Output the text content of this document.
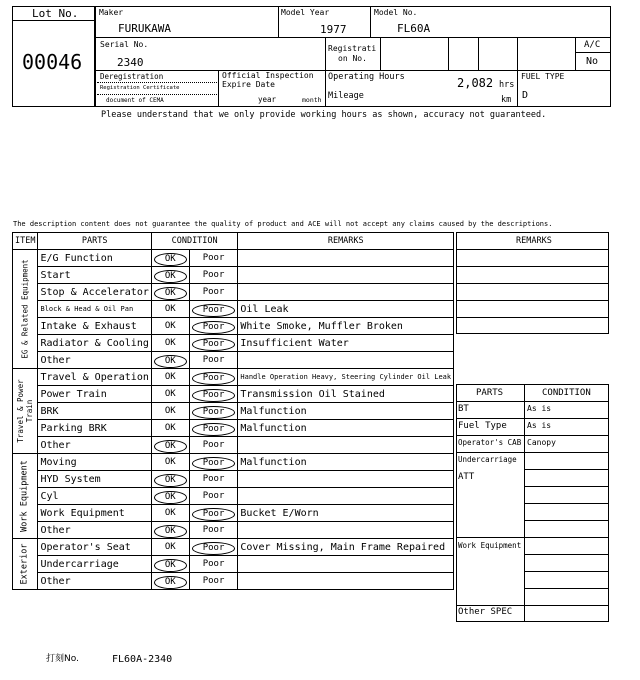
Lot No.
00046
Maker
FURUKAWA
Model Year
1977
Model No.
FL60A
Serial No.
2340
Registrati
on No.
A/C
No
Deregistration
Registration Certificate
document of CEMA
Official Inspection
Expire Date
year	month
Operating Hours	2,082 hrs
Mileage	km
FUEL TYPE
D
Please understand that we only provide working hours as shown, accuracy not guaranteed.
The description content does not guarantee the quality of product and ACE will not accept any claims caused by the descriptions.
ITEM	PARTS	CONDITION		REMARKS

EG & Related Equipment	E/G Function	OK	Poor	
	Start	OK	Poor	
	Stop & Accelerator	OK	Poor	
	Block & Head & Oil Pan	OK	Poor	Oil Leak
	Intake & Exhaust	OK	Poor	White Smoke, Muffler Broken
	Radiator & Cooling	OK	Poor	Insufficient Water
	Other	OK	Poor	

Travel & Power Train	Travel & Operation	OK	Poor	Handle Operation Heavy, Steering Cylinder Oil Leak
	Power Train	OK	Poor	Transmission Oil Stained
	BRK	OK	Poor	Malfunction
	Parking BRK	OK	Poor	Malfunction
	Other	OK	Poor	

Work Equipment	Moving	OK	Poor	Malfunction
	HYD System	OK	Poor	
	Cyl	OK	Poor	
	Work Equipment	OK	Poor	Bucket E/Worn
	Other	OK	Poor	

Exterior	Operator's Seat	OK	Poor	Cover Missing, Main Frame Repaired
	Undercarriage	OK	Poor	
	Other	OK	Poor	
REMARKS
PARTS	CONDITION
BT	As is
Fuel Type	As is
Operator's CAB Canopy
Undercarriage
ATT
Work Equipment
Other SPEC
打刻No.	FL60A-2340
